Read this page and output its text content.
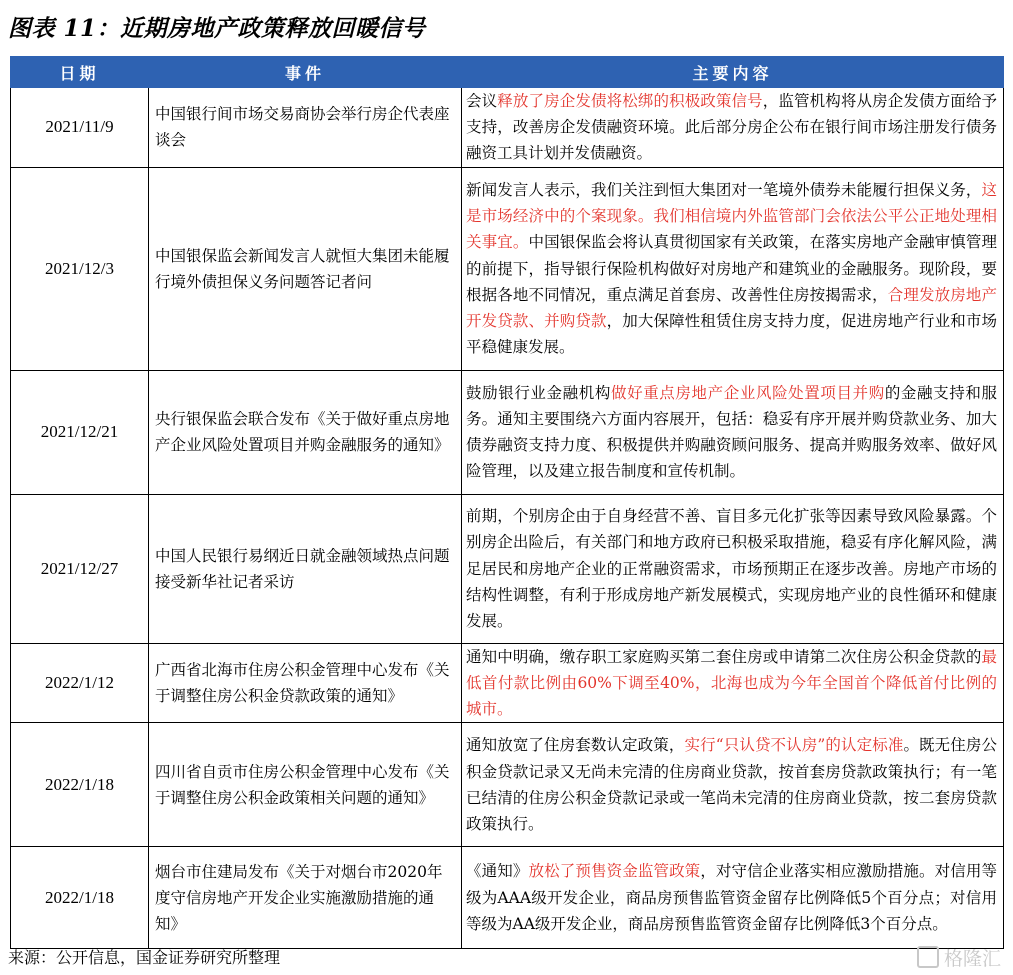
图表 11：近期房地产政策释放回暖信号
日期	事件	主要内容
2021/11/9	中国银行间市场交易商协会举行房企代表座谈会	会议释放了房企发债将松绑的积极政策信号，监管机构将从房企发债方面给予支持，改善房企发债融资环境。此后部分房企公布在银行间市场注册发行债务融资工具计划并发债融资。
2021/12/3	中国银保监会新闻发言人就恒大集团未能履行境外债担保义务问题答记者问	新闻发言人表示，我们关注到恒大集团对一笔境外债券未能履行担保义务，这是市场经济中的个案现象。我们相信境内外监管部门会依法公平公正地处理相关事宜。中国银保监会将认真贯彻国家有关政策，在落实房地产金融审慎管理的前提下，指导银行保险机构做好对房地产和建筑业的金融服务。现阶段，要根据各地不同情况，重点满足首套房、改善性住房按揭需求，合理发放房地产开发贷款、并购贷款，加大保障性租赁住房支持力度，促进房地产行业和市场平稳健康发展。
2021/12/21	央行银保监会联合发布《关于做好重点房地产企业风险处置项目并购金融服务的通知》	鼓励银行业金融机构做好重点房地产企业风险处置项目并购的金融支持和服务。通知主要围绕六方面内容展开，包括：稳妥有序开展并购贷款业务、加大债券融资支持力度、积极提供并购融资顾问服务、提高并购服务效率、做好风险管理，以及建立报告制度和宣传机制。
2021/12/27	中国人民银行易纲近日就金融领域热点问题接受新华社记者采访	前期，个别房企由于自身经营不善、盲目多元化扩张等因素导致风险暴露。个别房企出险后，有关部门和地方政府已积极采取措施，稳妥有序化解风险，满足居民和房地产企业的正常融资需求，市场预期正在逐步改善。房地产市场的结构性调整，有利于形成房地产新发展模式，实现房地产业的良性循环和健康发展。
2022/1/12	广西省北海市住房公积金管理中心发布《关于调整住房公积金贷款政策的通知》	通知中明确，缴存职工家庭购买第二套住房或申请第二次住房公积金贷款的最低首付款比例由60%下调至40%，北海也成为今年全国首个降低首付比例的城市。
2022/1/18	四川省自贡市住房公积金管理中心发布《关于调整住房公积金政策相关问题的通知》	通知放宽了住房套数认定政策，实行“只认贷不认房”的认定标准。既无住房公积金贷款记录又无尚未完清的住房商业贷款，按首套房贷款政策执行；有一笔已结清的住房公积金贷款记录或一笔尚未完清的住房商业贷款，按二套房贷款政策执行。
2022/1/18	烟台市住建局发布《关于对烟台市2020年度守信房地产开发企业实施激励措施的通知》	《通知》放松了预售资金监管政策，对守信企业落实相应激励措施。对信用等级为AAA级开发企业，商品房预售监管资金留存比例降低5个百分点；对信用等级为AA级开发企业，商品房预售监管资金留存比例降低3个百分点。
来源：公开信息，国金证券研究所整理	格隆汇
